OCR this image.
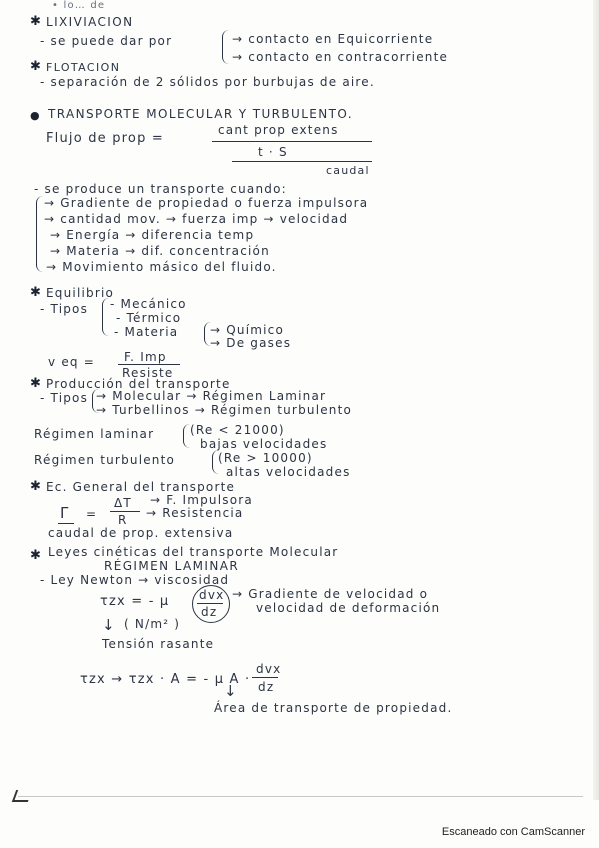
• lo… de
✱ LIXIVIACION
- se puede dar por	→ contacto en Equicorriente
→ contacto en contracorriente
✱ FLOTACION
- separación de 2 sólidos por burbujas de aire.
● TRANSPORTE MOLECULAR Y TURBULENTO.
Flujo de prop =
cant prop extens
t · S
caudal
- se produce un transporte cuando:
→ Gradiente de propiedad o fuerza impulsora
→ cantidad mov. → fuerza imp → velocidad
→ Energía → diferencia temp
→ Materia → dif. concentración
→ Movimiento másico del fluido.
✱ Equilibrio
- Tipos - Mecánico
- Térmico
- Materia	→ Químico
→ De gases
v eq = F. Imp
Resiste
✱ Producción del transporte
- Tipos → Molecular → Régimen Laminar
→ Turbellinos → Régimen turbulento
Régimen laminar	(Re < 21000)
bajas velocidades
Régimen turbulento	(Re > 10000)
altas velocidades
✱ Ec. General del transporte
Γ =
ΔT
R
→ F. Impulsora
→ Resistencia
caudal de prop. extensiva
✱ Leyes cinéticas del transporte Molecular
RÉGIMEN LAMINAR
- Ley Newton → viscosidad
τzx = - μ dvx
dz
→ Gradiente de velocidad o
velocidad de deformación
↓ ( N/m² )
Tensión rasante
τzx → τzx · A = - μ A ·
dvx
dz
↓
Área de transporte de propiedad.
Escaneado con CamScanner
